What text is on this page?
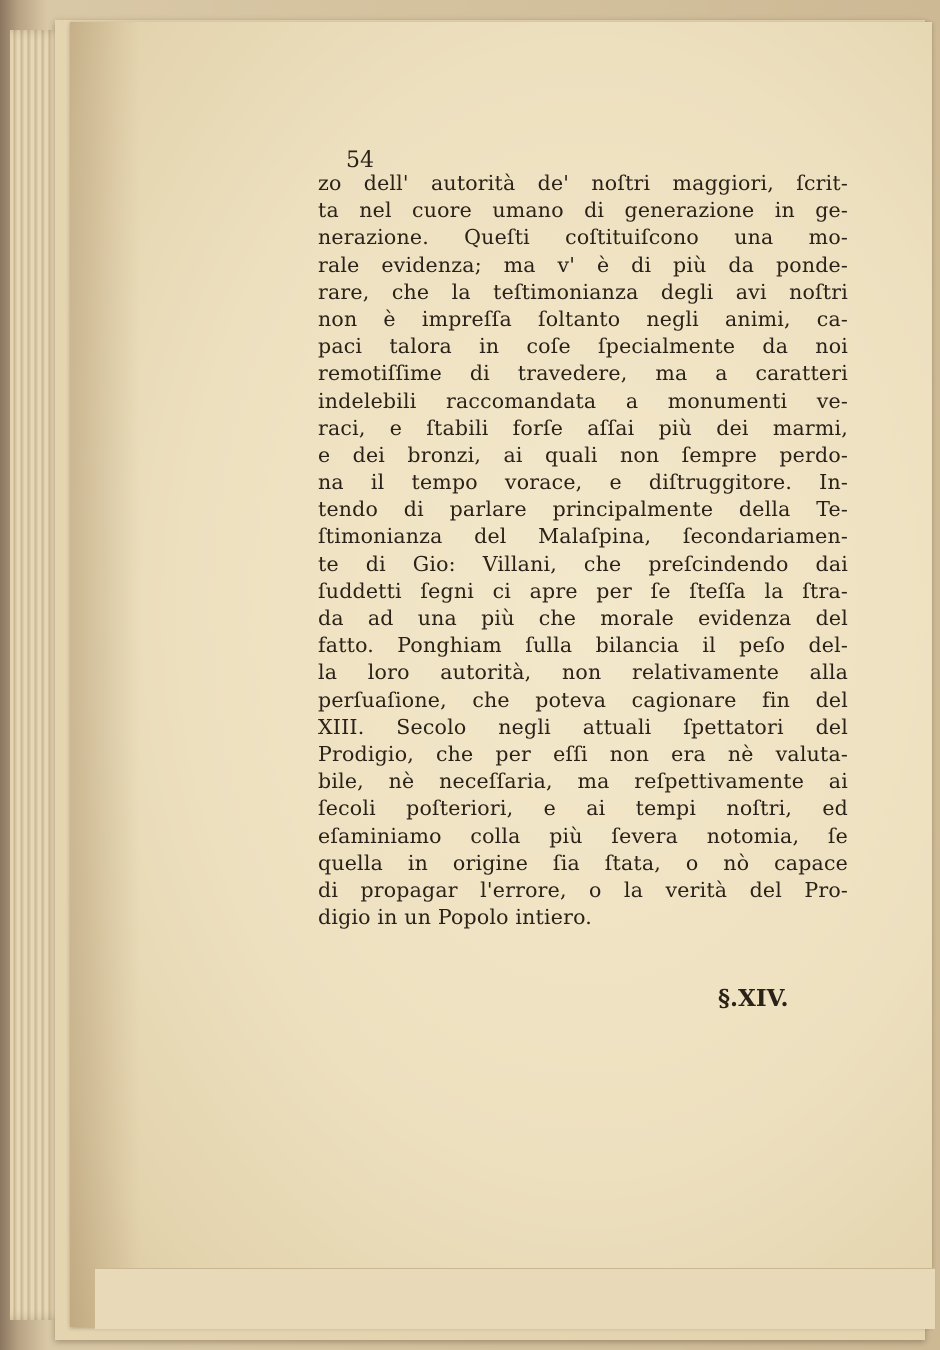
54
zo dell' autorità de' noſtri maggiori, ſcrit-
ta nel cuore umano di generazione in ge-
nerazione. Queſti coſtituiſcono una mo-
rale evidenza; ma v' è di più da ponde-
rare, che la teſtimonianza degli avi noſtri
non è impreſſa ſoltanto negli animi, ca-
paci talora in coſe ſpecialmente da noi
remotiſſime di travedere, ma a caratteri
indelebili raccomandata a monumenti ve-
raci, e ſtabili forſe aſſai più dei marmi,
e dei bronzi, ai quali non ſempre perdo-
na il tempo vorace, e diſtruggitore. In-
tendo di parlare principalmente della Te-
ſtimonianza del Malaſpina, ſecondariamen-
te di Gio: Villani, che preſcindendo dai
ſuddetti ſegni ci apre per ſe ſteſſa la ſtra-
da ad una più che morale evidenza del
fatto. Ponghiam ſulla bilancia il peſo del-
la loro autorità, non relativamente alla
perſuaſione, che poteva cagionare fin del
XIII. Secolo negli attuali ſpettatori del
Prodigio, che per eſſi non era nè valuta-
bile, nè neceſſaria, ma reſpettivamente ai
ſecoli poſteriori, e ai tempi noſtri, ed
eſaminiamo colla più ſevera notomia, ſe
quella in origine ſia ſtata, o nò capace
di propagar l'errore, o la verità del Pro-
digio in un Popolo intiero.
§.XIV.
